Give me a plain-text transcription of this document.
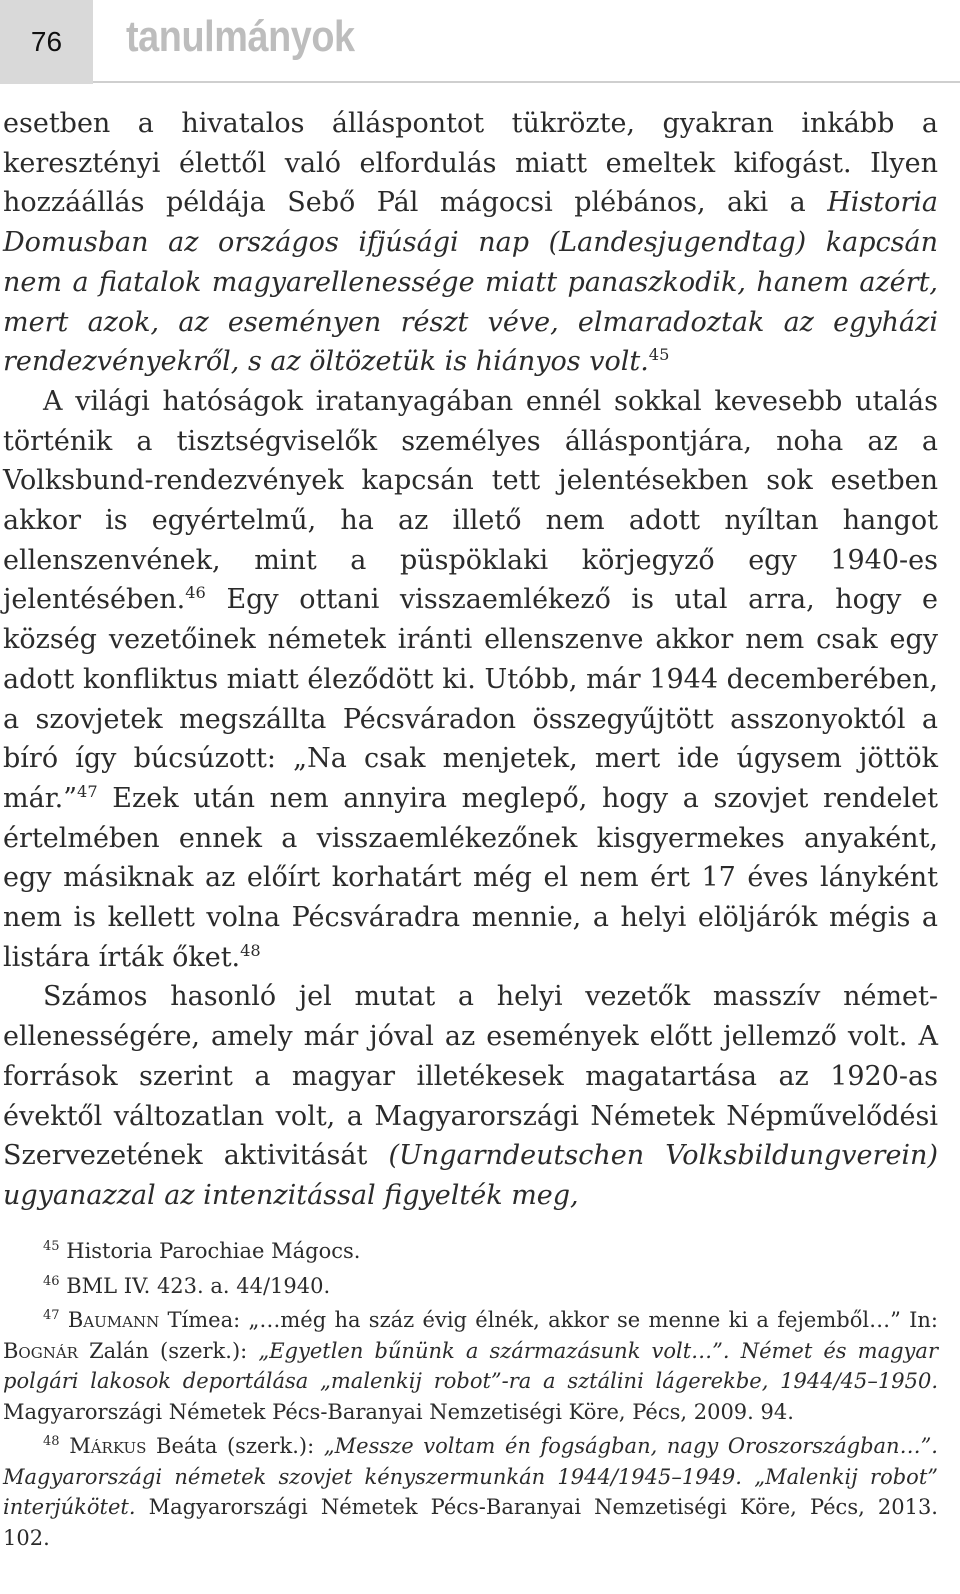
76	tanulmányok

esetben a hivatalos álláspontot tükrözte, gyakran inkább a keresztényi élettől való elfordulás miatt emeltek kifogást. Ilyen hozzáállás példája Sebő Pál mágocsi plébános, aki a Historia Domusban az országos ifjúsági nap (Landesjugendtag) kapcsán nem a fiatalok magyarellenessége miatt panaszkodik, hanem azért, mert azok, az eseményen részt véve, elmaradoztak az egyházi rendezvényekről, s az öltözetük is hiányos volt.$^{45}$

A világi hatóságok iratanyagában ennél sokkal kevesebb utalás történik a tisztségviselők személyes álláspontjára, noha az a Volksbund-rendezvények kapcsán tett jelentésekben sok esetben akkor is egyértelmű, ha az illető nem adott nyíltan hangot ellenszenvének, mint a püspöklaki körjegyző egy 1940-es jelentésében.$^{46}$ Egy ottani visszaemlékező is utal arra, hogy e község vezetőinek németek iránti ellenszenve akkor nem csak egy adott konfliktus miatt éleződött ki. Utóbb, már 1944 decemberében, a szovjetek megszállta Pécsváradon összegyűjtött asszonyoktól a bíró így búcsúzott: „Na csak menjetek, mert ide úgysem jöttök már.”$^{47}$ Ezek után nem annyira meglepő, hogy a szovjet rendelet értelmében ennek a visszaemlékezőnek kisgyermekes anyaként, egy másiknak az előírt korhatárt még el nem ért 17 éves lányként nem is kellett volna Pécsváradra mennie, a helyi elöljárók mégis a listára írták őket.$^{48}$

Számos hasonló jel mutat a helyi vezetők masszív németellenességére, amely már jóval az események előtt jellemző volt. A források szerint a magyar illetékesek magatartása az 1920-as évektől változatlan volt, a Magyarországi Németek Népművelődési Szervezetének aktivitását (Ungarndeutschen Volksbildungverein) ugyanazzal az intenzitással figyelték meg,

$^{45}$ Historia Parochiae Mágocs.

$^{46}$ BML IV. 423. a. 44/1940.

$^{47}$ Baumann Tímea: „…még ha száz évig élnék, akkor se menne ki a fejemből…” In: Bognár Zalán (szerk.): „Egyetlen bűnünk a származásunk volt…”. Német és magyar polgári lakosok deportálása „malenkij robot”-ra a sztálini lágerekbe, 1944/45–1950. Magyarországi Németek Pécs-Baranyai Nemzetiségi Köre, Pécs, 2009. 94.

$^{48}$ Márkus Beáta (szerk.): „Messze voltam én fogságban, nagy Oroszországban…”. Magyarországi németek szovjet kényszermunkán 1944/1945–1949. „Malenkij robot” interjúkötet. Magyarországi Németek Pécs-Baranyai Nemzetiségi Köre, Pécs, 2013. 102.
